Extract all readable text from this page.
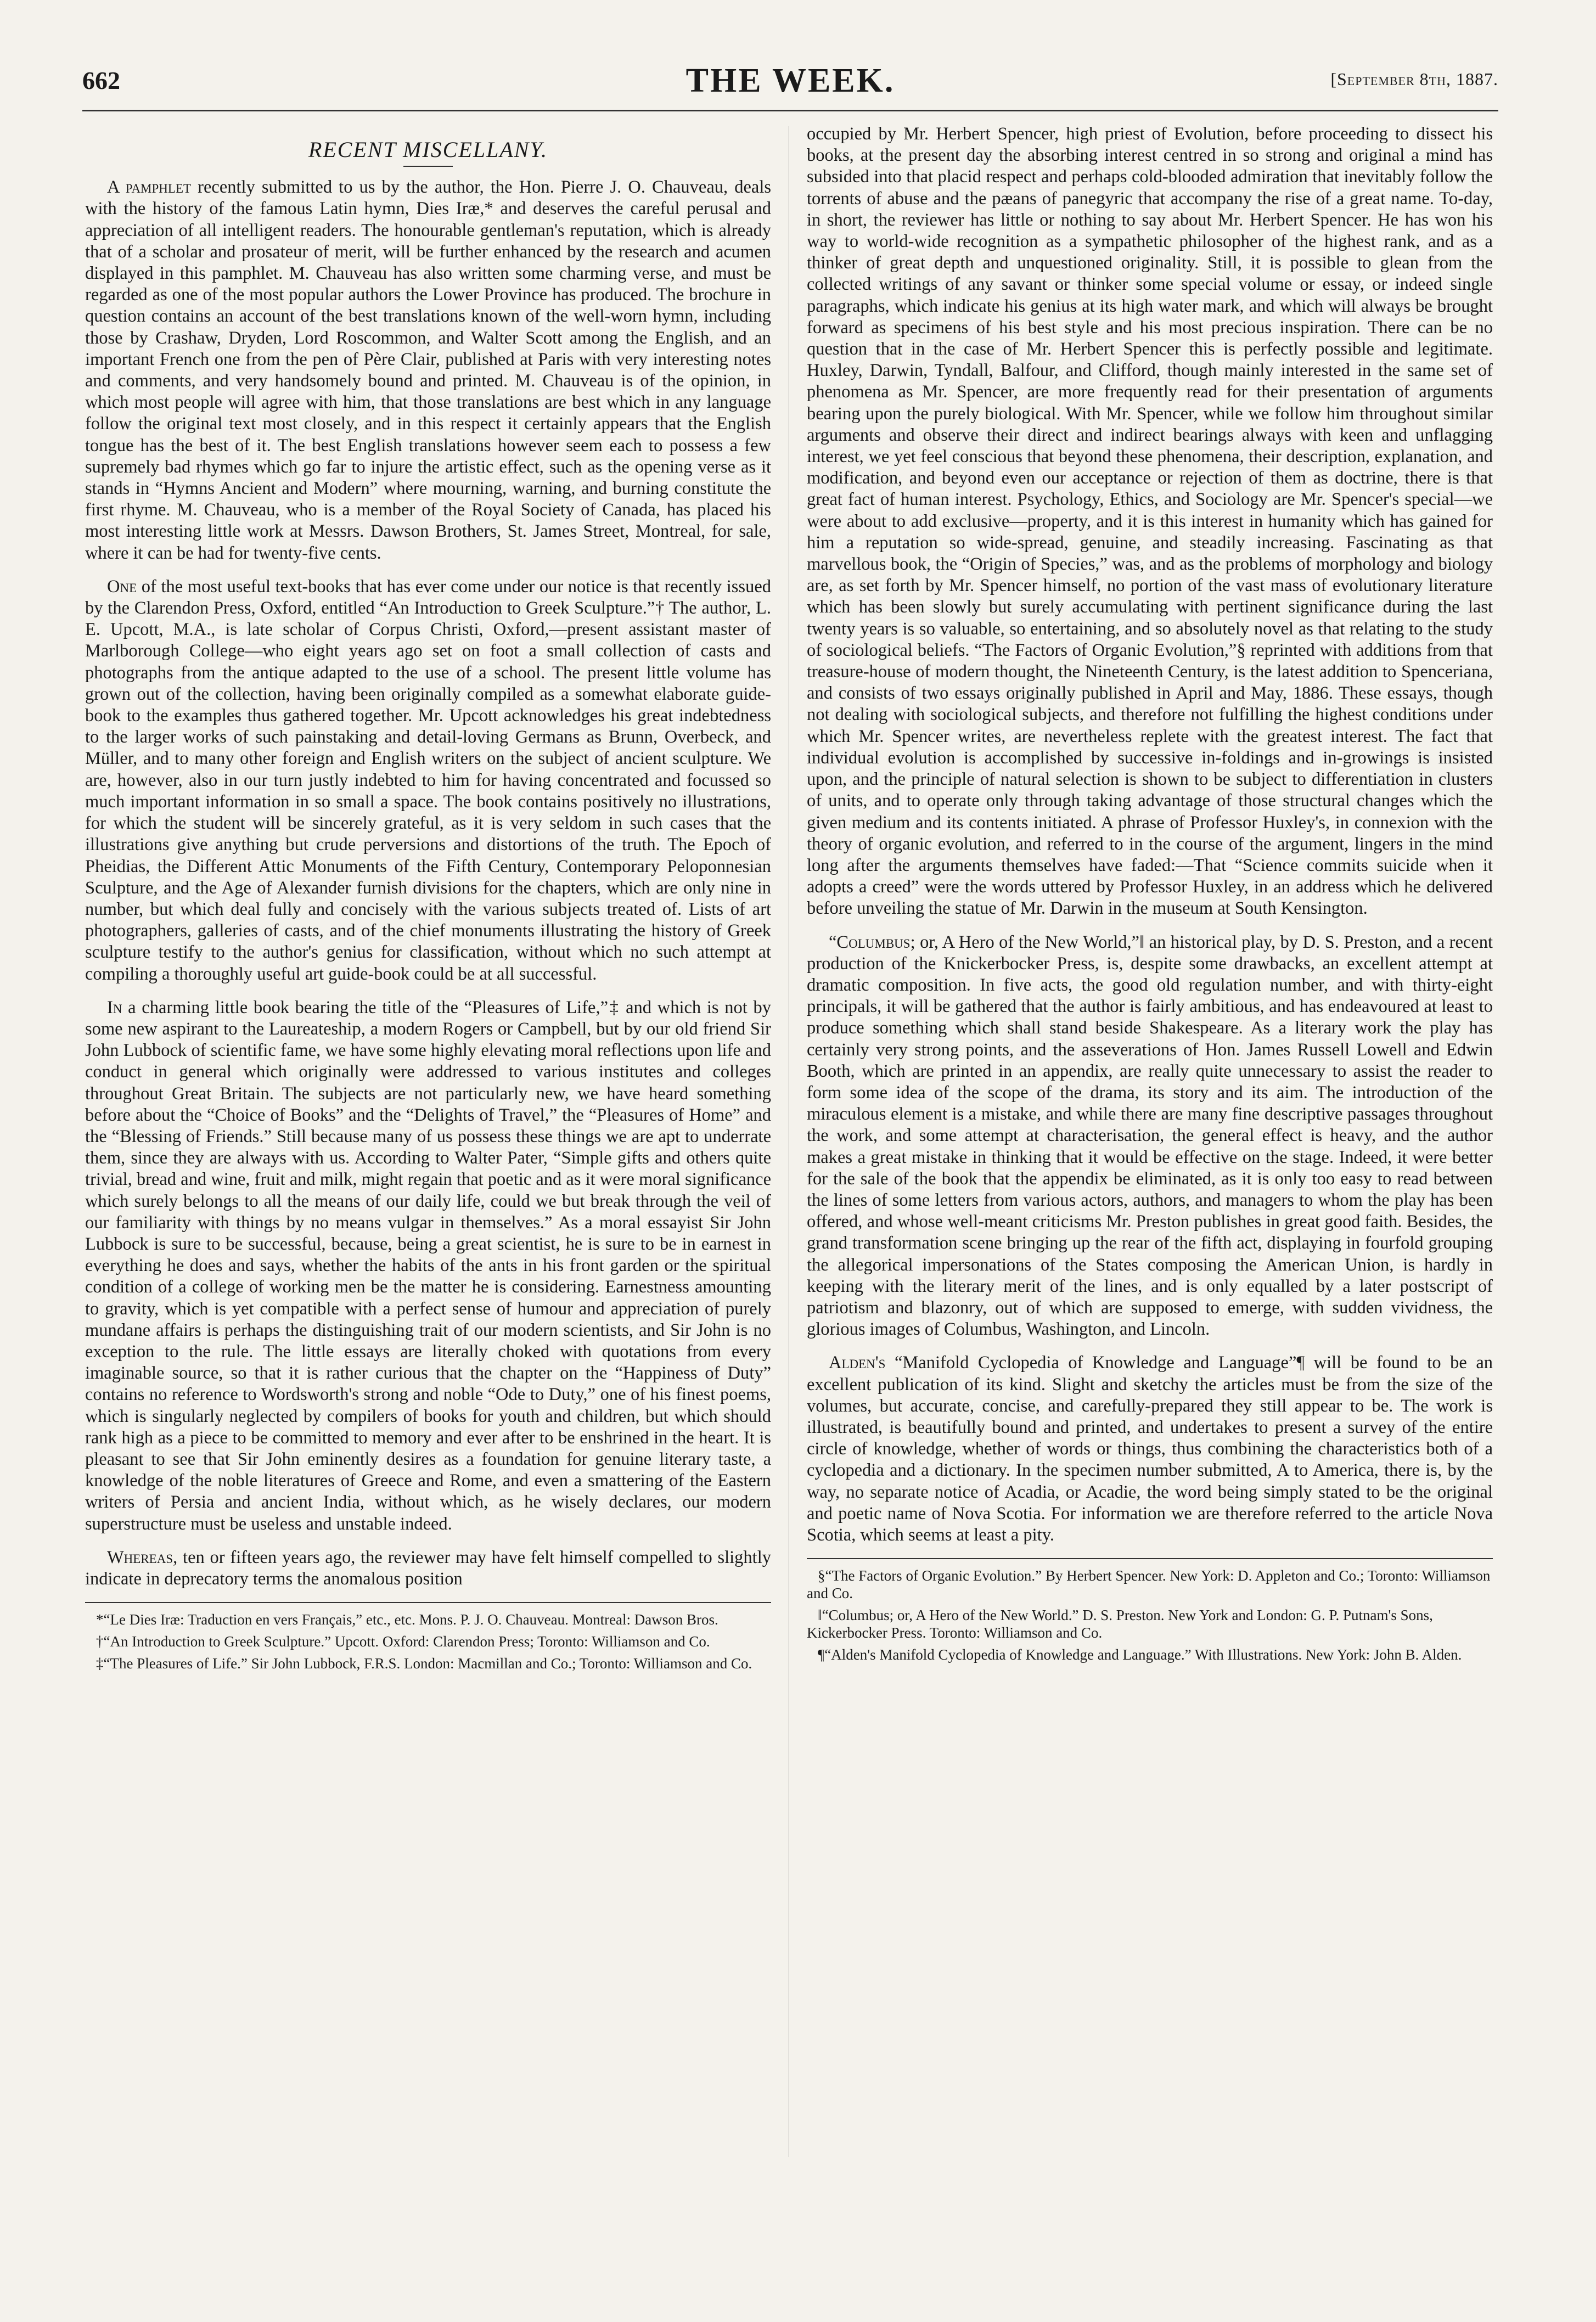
662	THE WEEK.	[September 8th, 1887.
RECENT MISCELLANY.

A pamphlet recently submitted to us by the author, the Hon. Pierre J. O. Chauveau, deals with the history of the famous Latin hymn, Dies Iræ,* and deserves the careful perusal and appreciation of all intelligent readers. The honourable gentleman's reputation, which is already that of a scholar and prosateur of merit, will be further enhanced by the research and acumen displayed in this pamphlet. M. Chauveau has also written some charming verse, and must be regarded as one of the most popular authors the Lower Province has produced. The brochure in question contains an account of the best translations known of the well-worn hymn, including those by Crashaw, Dryden, Lord Roscommon, and Walter Scott among the English, and an important French one from the pen of Père Clair, published at Paris with very interesting notes and comments, and very handsomely bound and printed. M. Chauveau is of the opinion, in which most people will agree with him, that those translations are best which in any language follow the original text most closely, and in this respect it certainly appears that the English tongue has the best of it. The best English translations however seem each to possess a few supremely bad rhymes which go far to injure the artistic effect, such as the opening verse as it stands in “Hymns Ancient and Modern” where mourning, warning, and burning constitute the first rhyme. M. Chauveau, who is a member of the Royal Society of Canada, has placed his most interesting little work at Messrs. Dawson Brothers, St. James Street, Montreal, for sale, where it can be had for twenty-five cents.

One of the most useful text-books that has ever come under our notice is that recently issued by the Clarendon Press, Oxford, entitled “An Introduction to Greek Sculpture.”† The author, L. E. Upcott, M.A., is late scholar of Corpus Christi, Oxford,—present assistant master of Marlborough College—who eight years ago set on foot a small collection of casts and photographs from the antique adapted to the use of a school. The present little volume has grown out of the collection, having been originally compiled as a somewhat elaborate guide-book to the examples thus gathered together. Mr. Upcott acknowledges his great indebtedness to the larger works of such painstaking and detail-loving Germans as Brunn, Overbeck, and Müller, and to many other foreign and English writers on the subject of ancient sculpture. We are, however, also in our turn justly indebted to him for having concentrated and focussed so much important information in so small a space. The book contains positively no illustrations, for which the student will be sincerely grateful, as it is very seldom in such cases that the illustrations give anything but crude perversions and distortions of the truth. The Epoch of Pheidias, the Different Attic Monuments of the Fifth Century, Contemporary Peloponnesian Sculpture, and the Age of Alexander furnish divisions for the chapters, which are only nine in number, but which deal fully and concisely with the various subjects treated of. Lists of art photographers, galleries of casts, and of the chief monuments illustrating the history of Greek sculpture testify to the author's genius for classification, without which no such attempt at compiling a thoroughly useful art guide-book could be at all successful.

In a charming little book bearing the title of the “Pleasures of Life,”‡ and which is not by some new aspirant to the Laureateship, a modern Rogers or Campbell, but by our old friend Sir John Lubbock of scientific fame, we have some highly elevating moral reflections upon life and conduct in general which originally were addressed to various institutes and colleges throughout Great Britain. The subjects are not particularly new, we have heard something before about the “Choice of Books” and the “Delights of Travel,” the “Pleasures of Home” and the “Blessing of Friends.” Still because many of us possess these things we are apt to underrate them, since they are always with us. According to Walter Pater, “Simple gifts and others quite trivial, bread and wine, fruit and milk, might regain that poetic and as it were moral significance which surely belongs to all the means of our daily life, could we but break through the veil of our familiarity with things by no means vulgar in themselves.” As a moral essayist Sir John Lubbock is sure to be successful, because, being a great scientist, he is sure to be in earnest in everything he does and says, whether the habits of the ants in his front garden or the spiritual condition of a college of working men be the matter he is considering. Earnestness amounting to gravity, which is yet compatible with a perfect sense of humour and appreciation of purely mundane affairs is perhaps the distinguishing trait of our modern scientists, and Sir John is no exception to the rule. The little essays are literally choked with quotations from every imaginable source, so that it is rather curious that the chapter on the “Happiness of Duty” contains no reference to Wordsworth's strong and noble “Ode to Duty,” one of his finest poems, which is singularly neglected by compilers of books for youth and children, but which should rank high as a piece to be committed to memory and ever after to be enshrined in the heart. It is pleasant to see that Sir John eminently desires as a foundation for genuine literary taste, a knowledge of the noble literatures of Greece and Rome, and even a smattering of the Eastern writers of Persia and ancient India, without which, as he wisely declares, our modern superstructure must be useless and unstable indeed.

Whereas, ten or fifteen years ago, the reviewer may have felt himself compelled to slightly indicate in deprecatory terms the anomalous position

*“Le Dies Iræ: Traduction en vers Français,” etc., etc. Mons. P. J. O. Chauveau. Montreal: Dawson Bros.

†“An Introduction to Greek Sculpture.” Upcott. Oxford: Clarendon Press; Toronto: Williamson and Co.

‡“The Pleasures of Life.” Sir John Lubbock, F.R.S. London: Macmillan and Co.; Toronto: Williamson and Co.

occupied by Mr. Herbert Spencer, high priest of Evolution, before proceeding to dissect his books, at the present day the absorbing interest centred in so strong and original a mind has subsided into that placid respect and perhaps cold-blooded admiration that inevitably follow the torrents of abuse and the pæans of panegyric that accompany the rise of a great name. To-day, in short, the reviewer has little or nothing to say about Mr. Herbert Spencer. He has won his way to world-wide recognition as a sympathetic philosopher of the highest rank, and as a thinker of great depth and unquestioned originality. Still, it is possible to glean from the collected writings of any savant or thinker some special volume or essay, or indeed single paragraphs, which indicate his genius at its high water mark, and which will always be brought forward as specimens of his best style and his most precious inspiration. There can be no question that in the case of Mr. Herbert Spencer this is perfectly possible and legitimate. Huxley, Darwin, Tyndall, Balfour, and Clifford, though mainly interested in the same set of phenomena as Mr. Spencer, are more frequently read for their presentation of arguments bearing upon the purely biological. With Mr. Spencer, while we follow him throughout similar arguments and observe their direct and indirect bearings always with keen and unflagging interest, we yet feel conscious that beyond these phenomena, their description, explanation, and modification, and beyond even our acceptance or rejection of them as doctrine, there is that great fact of human interest. Psychology, Ethics, and Sociology are Mr. Spencer's special—we were about to add exclusive—property, and it is this interest in humanity which has gained for him a reputation so wide-spread, genuine, and steadily increasing. Fascinating as that marvellous book, the “Origin of Species,” was, and as the problems of morphology and biology are, as set forth by Mr. Spencer himself, no portion of the vast mass of evolutionary literature which has been slowly but surely accumulating with pertinent significance during the last twenty years is so valuable, so entertaining, and so absolutely novel as that relating to the study of sociological beliefs. “The Factors of Organic Evolution,”§ reprinted with additions from that treasure-house of modern thought, the Nineteenth Century, is the latest addition to Spenceriana, and consists of two essays originally published in April and May, 1886. These essays, though not dealing with sociological subjects, and therefore not fulfilling the highest conditions under which Mr. Spencer writes, are nevertheless replete with the greatest interest. The fact that individual evolution is accomplished by successive in-foldings and in-growings is insisted upon, and the principle of natural selection is shown to be subject to differentiation in clusters of units, and to operate only through taking advantage of those structural changes which the given medium and its contents initiated. A phrase of Professor Huxley's, in connexion with the theory of organic evolution, and referred to in the course of the argument, lingers in the mind long after the arguments themselves have faded:—That “Science commits suicide when it adopts a creed” were the words uttered by Professor Huxley, in an address which he delivered before unveiling the statue of Mr. Darwin in the museum at South Kensington.

“Columbus; or, A Hero of the New World,”‖ an historical play, by D. S. Preston, and a recent production of the Knickerbocker Press, is, despite some drawbacks, an excellent attempt at dramatic composition. In five acts, the good old regulation number, and with thirty-eight principals, it will be gathered that the author is fairly ambitious, and has endeavoured at least to produce something which shall stand beside Shakespeare. As a literary work the play has certainly very strong points, and the asseverations of Hon. James Russell Lowell and Edwin Booth, which are printed in an appendix, are really quite unnecessary to assist the reader to form some idea of the scope of the drama, its story and its aim. The introduction of the miraculous element is a mistake, and while there are many fine descriptive passages throughout the work, and some attempt at characterisation, the general effect is heavy, and the author makes a great mistake in thinking that it would be effective on the stage. Indeed, it were better for the sale of the book that the appendix be eliminated, as it is only too easy to read between the lines of some letters from various actors, authors, and managers to whom the play has been offered, and whose well-meant criticisms Mr. Preston publishes in great good faith. Besides, the grand transformation scene bringing up the rear of the fifth act, displaying in fourfold grouping the allegorical impersonations of the States composing the American Union, is hardly in keeping with the literary merit of the lines, and is only equalled by a later postscript of patriotism and blazonry, out of which are supposed to emerge, with sudden vividness, the glorious images of Columbus, Washington, and Lincoln.

Alden's “Manifold Cyclopedia of Knowledge and Language”¶ will be found to be an excellent publication of its kind. Slight and sketchy the articles must be from the size of the volumes, but accurate, concise, and carefully-prepared they still appear to be. The work is illustrated, is beautifully bound and printed, and undertakes to present a survey of the entire circle of knowledge, whether of words or things, thus combining the characteristics both of a cyclopedia and a dictionary. In the specimen number submitted, A to America, there is, by the way, no separate notice of Acadia, or Acadie, the word being simply stated to be the original and poetic name of Nova Scotia. For information we are therefore referred to the article Nova Scotia, which seems at least a pity.

§“The Factors of Organic Evolution.” By Herbert Spencer. New York: D. Appleton and Co.; Toronto: Williamson and Co.

‖“Columbus; or, A Hero of the New World.” D. S. Preston. New York and London: G. P. Putnam's Sons, Kickerbocker Press. Toronto: Williamson and Co.

¶“Alden's Manifold Cyclopedia of Knowledge and Language.” With Illustrations. New York: John B. Alden.
